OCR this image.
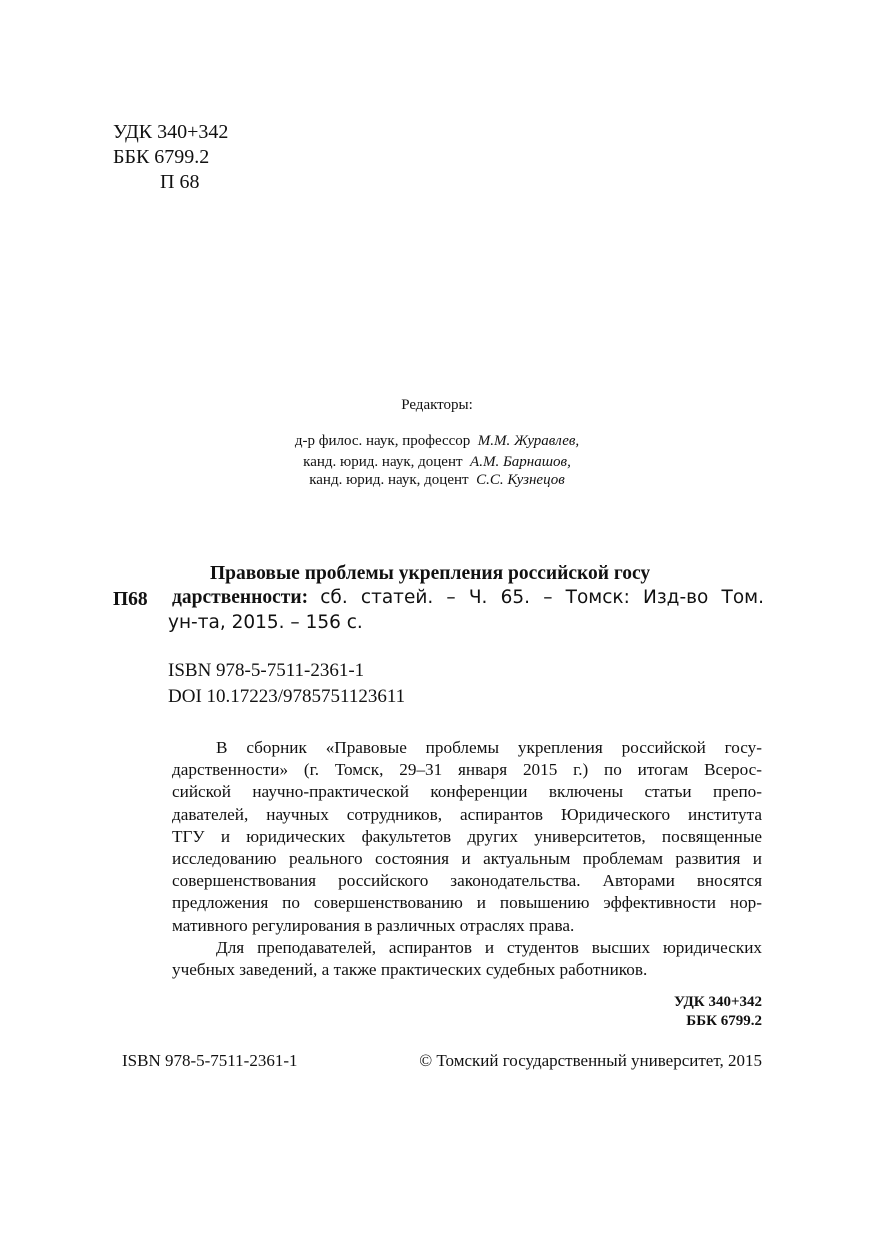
УДК 340+342
ББК 6799.2
П 68
Редакторы:
д-р филос. наук, профессор М.М. Журавлев,
канд. юрид. наук, доцент А.М. Барнашов,
канд. юрид. наук, доцент С.С. Кузнецов
Правовые проблемы укрепления российской госу
П68 дарственности: сб. статей. – Ч. 65. – Томск: Изд-во Том.
ун-та, 2015. – 156 с.
ISBN 978-5-7511-2361-1
DOI 10.17223/9785751123611
В сборник «Правовые проблемы укрепления российской госу-
дарственности» (г. Томск, 29–31 января 2015 г.) по итогам Всерос-
сийской научно-практической конференции включены статьи препо-
давателей, научных сотрудников, аспирантов Юридического института
ТГУ и юридических факультетов других университетов, посвященные
исследованию реального состояния и актуальным проблемам развития и
совершенствования российского законодательства. Авторами вносятся
предложения по совершенствованию и повышению эффективности нор-
мативного регулирования в различных отраслях права.
Для преподавателей, аспирантов и студентов высших юридических
учебных заведений, а также практических судебных работников.
УДК 340+342
ББК 6799.2
ISBN 978-5-7511-2361-1	© Томский государственный университет, 2015
